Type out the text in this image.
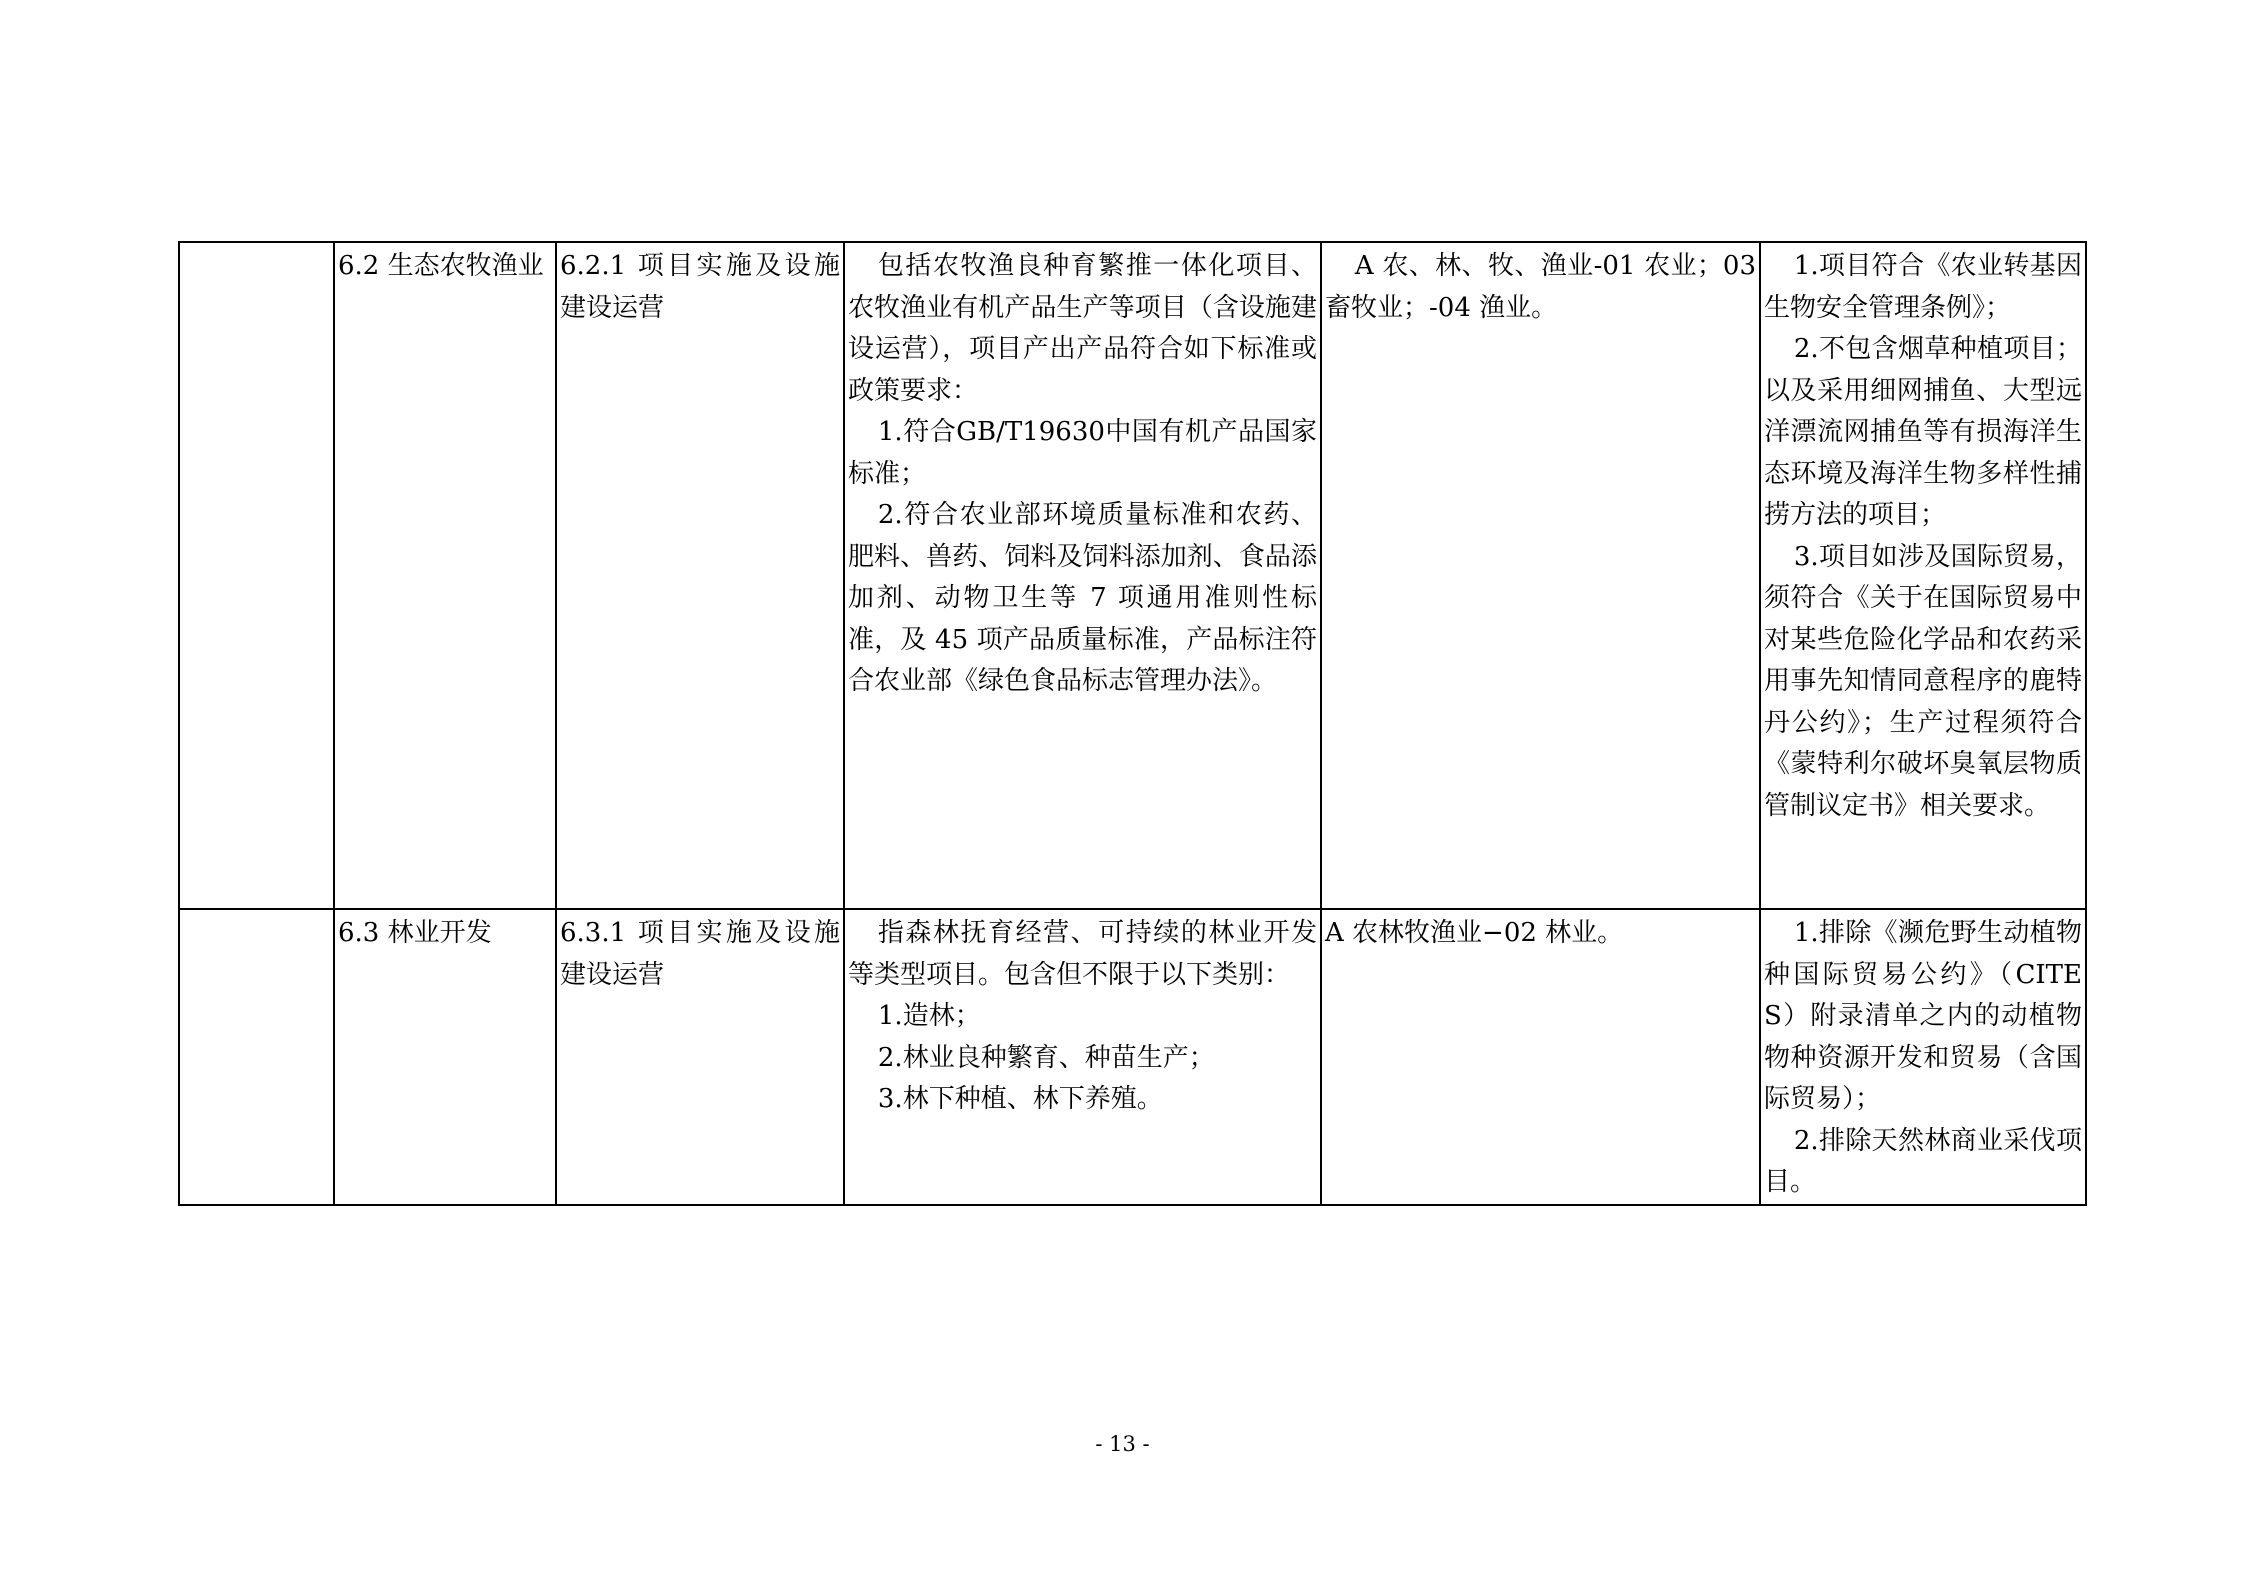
	6.2 生态农牧渔业	6.2.1 项目实施及设施建设运营	包括农牧渔良种育繁推一体化项目、农牧渔业有机产品生产等项目（含设施建设运营），项目产出产品符合如下标准或政策要求：
1.符合GB/T19630中国有机产品国家标准；
2.符合农业部环境质量标准和农药、肥料、兽药、饲料及饲料添加剂、食品添加剂、动物卫生等 7 项通用准则性标准，及 45 项产品质量标准，产品标注符合农业部《绿色食品标志管理办法》。	A 农、林、牧、渔业-01 农业；03 畜牧业；-04 渔业。	1.项目符合《农业转基因生物安全管理条例》；
2.不包含烟草种植项目；以及采用细网捕鱼、大型远洋漂流网捕鱼等有损海洋生态环境及海洋生物多样性捕捞方法的项目；
3.项目如涉及国际贸易，须符合《关于在国际贸易中对某些危险化学品和农药采用事先知情同意程序的鹿特丹公约》；生产过程须符合《蒙特利尔破坏臭氧层物质管制议定书》相关要求。

	6.3 林业开发	6.3.1 项目实施及设施建设运营	指森林抚育经营、可持续的林业开发等类型项目。包含但不限于以下类别：
1.造林；
2.林业良种繁育、种苗生产；
3.林下种植、林下养殖。	A 农林牧渔业−02 林业。	1.排除《濒危野生动植物种国际贸易公约》（CITES）附录清单之内的动植物物种资源开发和贸易（含国际贸易）；
2.排除天然林商业采伐项目。
- 13 -
